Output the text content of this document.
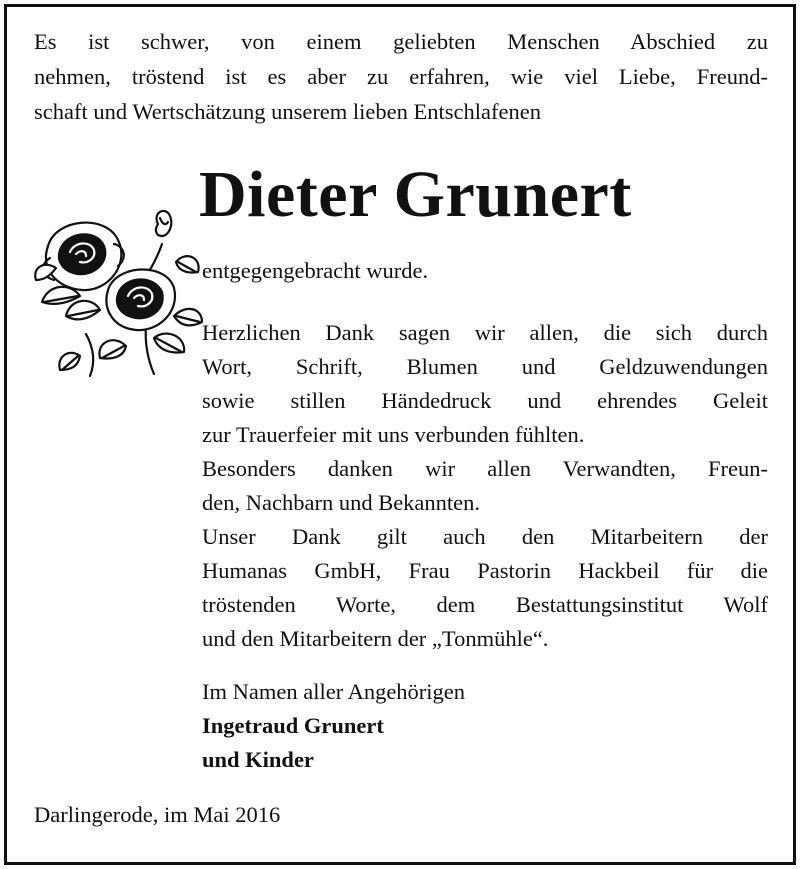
Es ist schwer, von einem geliebten Menschen Abschied zu
nehmen, tröstend ist es aber zu erfahren, wie viel Liebe, Freund-
schaft und Wertschätzung unserem lieben Entschlafenen
Dieter Grunert
entgegengebracht wurde.
Herzlichen Dank sagen wir allen, die sich durch
Wort, Schrift, Blumen und Geldzuwendungen
sowie stillen Händedruck und ehrendes Geleit
zur Trauerfeier mit uns verbunden fühlten.
Besonders danken wir allen Verwandten, Freun-
den, Nachbarn und Bekannten.
Unser Dank gilt auch den Mitarbeitern der
Humanas GmbH, Frau Pastorin Hackbeil für die
tröstenden Worte, dem Bestattungsinstitut Wolf
und den Mitarbeitern der „Tonmühle“.
Im Namen aller Angehörigen
Ingetraud Grunert
und Kinder
Darlingerode, im Mai 2016
